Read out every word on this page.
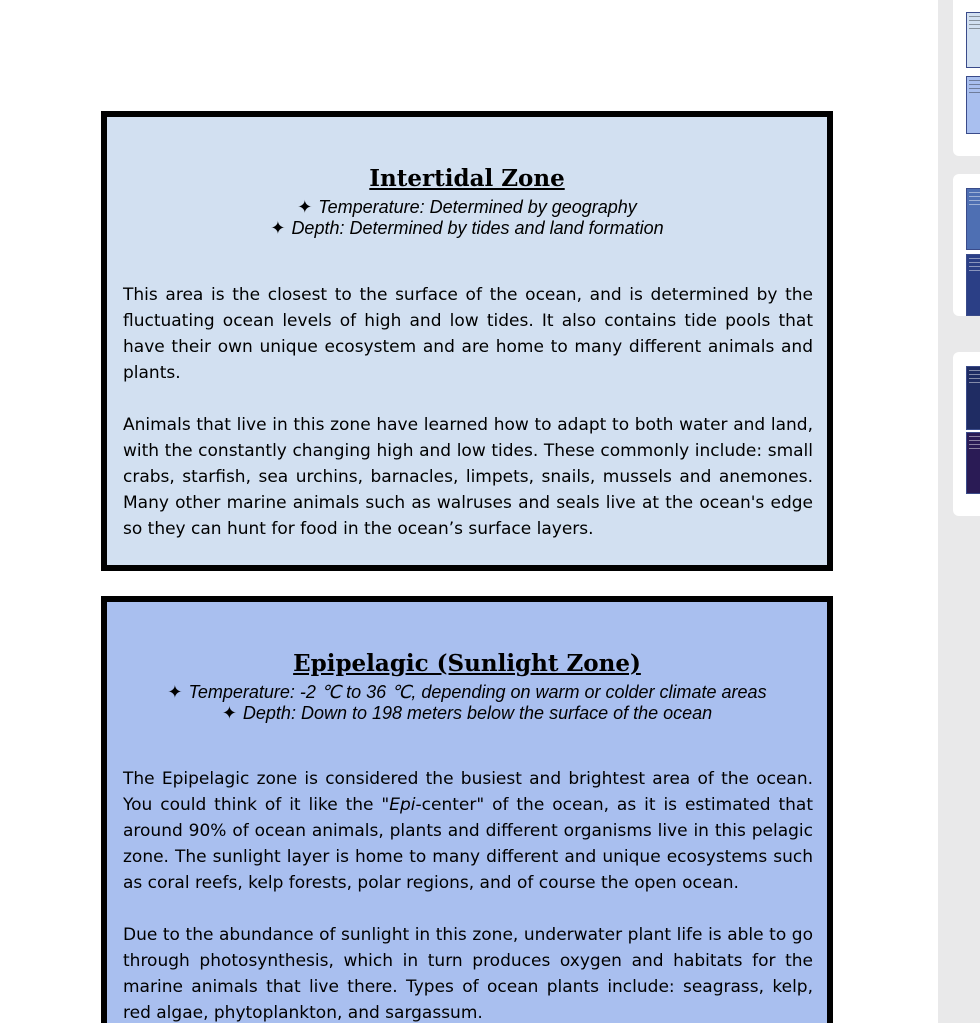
Intertidal Zone
✦ Temperature: Determined by geography
✦ Depth: Determined by tides and land formation

This area is the closest to the surface of the ocean, and is determined by the fluctuating ocean levels of high and low tides. It also contains tide pools that have their own unique ecosystem and are home to many different animals and plants.

Animals that live in this zone have learned how to adapt to both water and land, with the constantly changing high and low tides. These commonly include: small crabs, starfish, sea urchins, barnacles, limpets, snails, mussels and anemones. Many other marine animals such as walruses and seals live at the ocean's edge so they can hunt for food in the ocean’s surface layers.

Epipelagic (Sunlight Zone)
✦ Temperature: -2 ℃ to 36 ℃, depending on warm or colder climate areas
✦ Depth: Down to 198 meters below the surface of the ocean

The Epipelagic zone is considered the busiest and brightest area of the ocean. You could think of it like the "Epi-center" of the ocean, as it is estimated that around 90% of ocean animals, plants and different organisms live in this pelagic zone. The sunlight layer is home to many different and unique ecosystems such as coral reefs, kelp forests, polar regions, and of course the open ocean.

Due to the abundance of sunlight in this zone, underwater plant life is able to go through photosynthesis, which in turn produces oxygen and habitats for the marine animals that live there. Types of ocean plants include: seagrass, kelp, red algae, phytoplankton, and sargassum.
